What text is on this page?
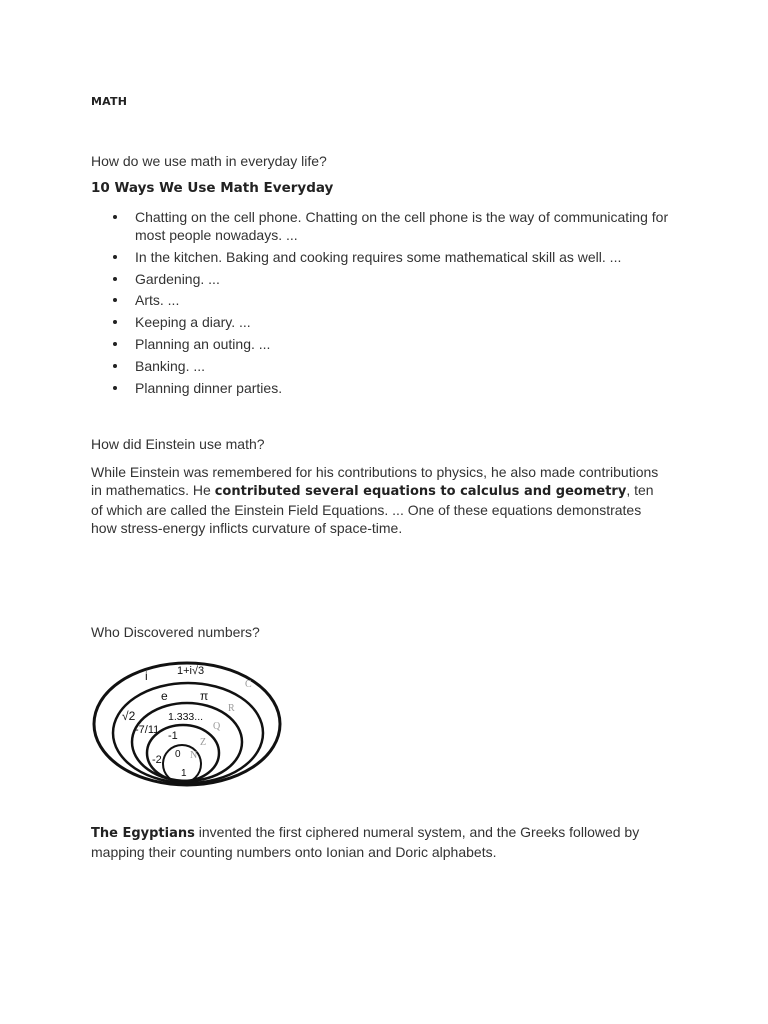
MATH

How do we use math in everyday life?

10 Ways We Use Math Everyday

Chatting on the cell phone. Chatting on the cell phone is the way of communicating for most people nowadays. ...
In the kitchen. Baking and cooking requires some mathematical skill as well. ...
Gardening. ...
Arts. ...
Keeping a diary. ...
Planning an outing. ...
Banking. ...
Planning dinner parties.

How did Einstein use math?

While Einstein was remembered for his contributions to physics, he also made contributions in mathematics. He contributed several equations to calculus and geometry, ten of which are called the Einstein Field Equations. ... One of these equations demonstrates how stress-energy inflicts curvature of space-time.

Who Discovered numbers?

1+i√3
i
C
e	π
R
√2	1.333...
Q
-7/11 -1
Z
0 N
-2
1

The Egyptians invented the first ciphered numeral system, and the Greeks followed by mapping their counting numbers onto Ionian and Doric alphabets.
